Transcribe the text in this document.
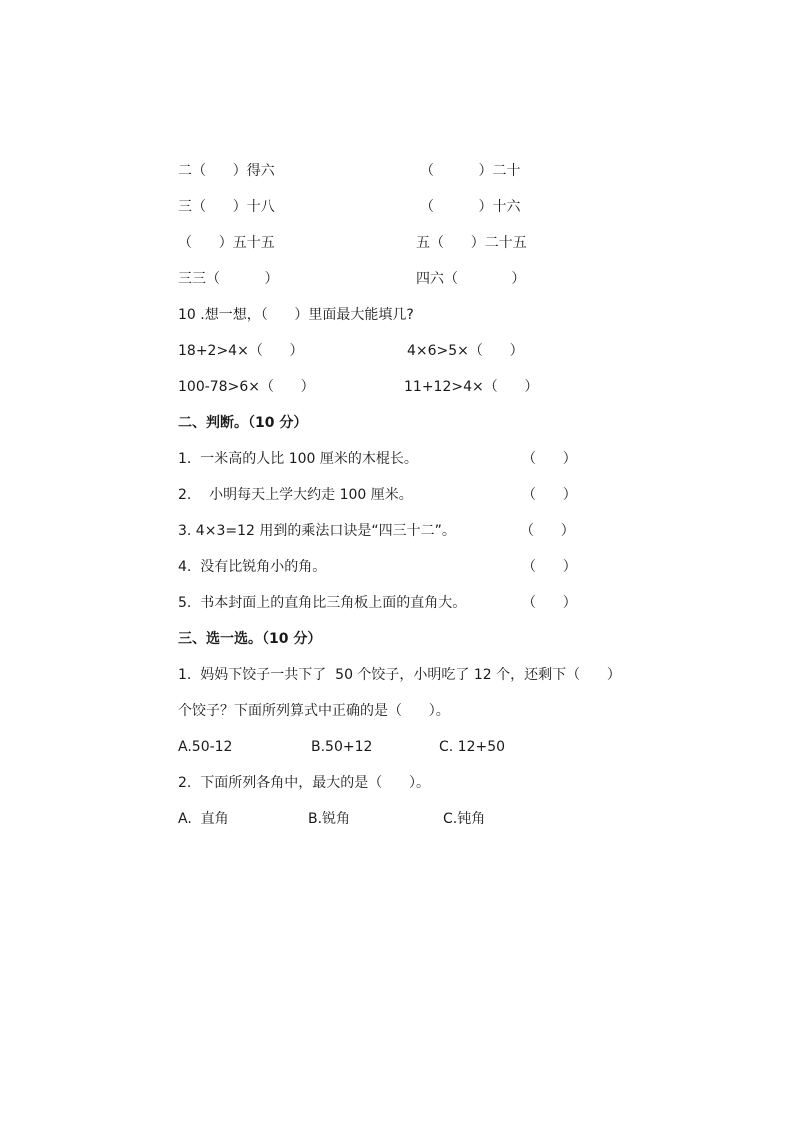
二（      ）得六	（          ）二十
三（      ）十八	（          ）十六
（      ）五十五	五（      ）二十五
三三（          ）	四六（            ）
10 .想一想，（      ）里面最大能填几?
18+2>4×（      ）	4×6>5×（      ）
100-78>6×（      ）	11+12>4×（      ）
二、判断。（10 分）
1.  一米高的人比 100 厘米的木棍长。	（      ）
2.    小明每天上学大约走 100 厘米。	（      ）
3. 4×3=12 用到的乘法口诀是“四三十二”。	（      ）
4.  没有比锐角小的角。	（      ）
5.  书本封面上的直角比三角板上面的直角大。	（      ）
三、选一选。（10 分）
1.  妈妈下饺子一共下了  50 个饺子，小明吃了 12 个，还剩下（      ）
个饺子？下面所列算式中正确的是（      ）。
A.50-12	B.50+12	C. 12+50
2.  下面所列各角中，最大的是（      ）。
A.  直角	B.锐角	C.钝角
